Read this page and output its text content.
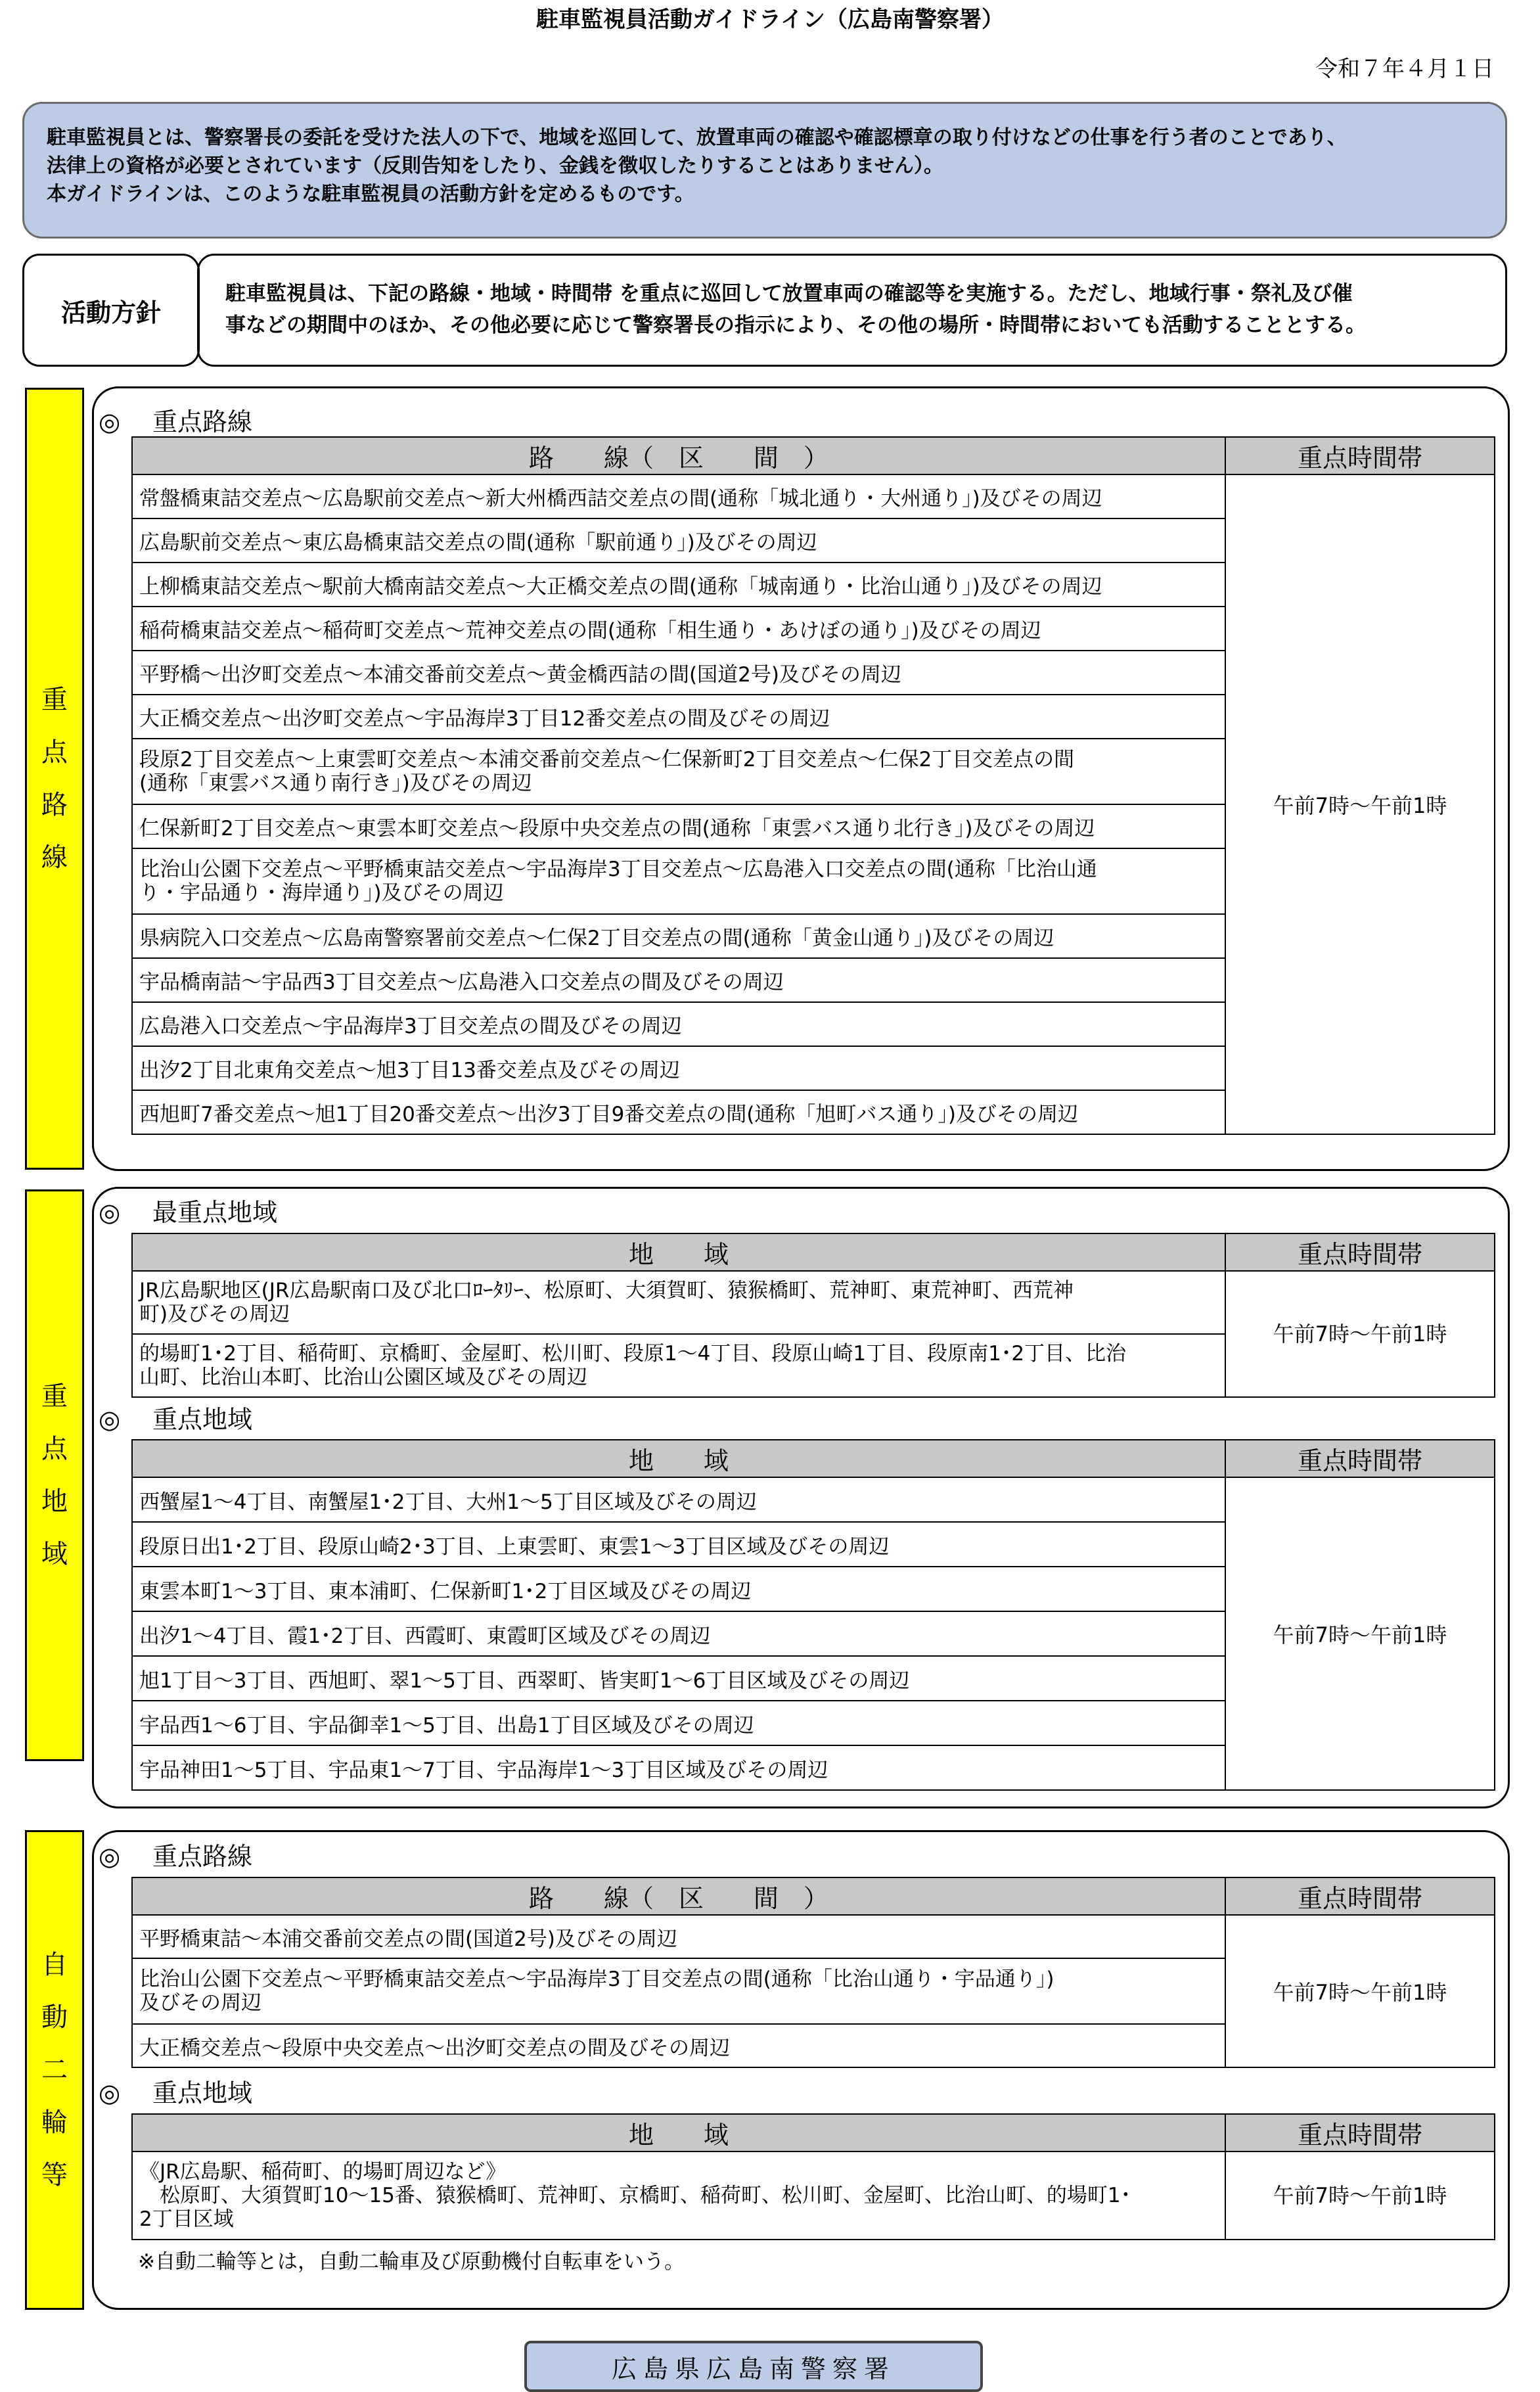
駐車監視員活動ガイドライン（広島南警察署）
令和７年４月１日
駐車監視員とは、警察署長の委託を受けた法人の下で、地域を巡回して、放置車両の確認や確認標章の取り付けなどの仕事を行う者のことであり、
法律上の資格が必要とされています（反則告知をしたり、金銭を徴収したりすることはありません）。
本ガイドラインは、このような駐車監視員の活動方針を定めるものです。
活動方針
駐車監視員は、下記の路線・地域・時間帯 を重点に巡回して放置車両の確認等を実施する。ただし、地域行事・祭礼及び催
事などの期間中のほか、その他必要に応じて警察署長の指示により、その他の場所・時間帯においても活動することとする。
重
点
路
線
◎ 重点路線
路　　線（　区　　間　）	重点時間帯
常盤橋東詰交差点～広島駅前交差点～新大州橋西詰交差点の間(通称「城北通り・大州通り」)及びその周辺	午前7時～午前1時
広島駅前交差点～東広島橋東詰交差点の間(通称「駅前通り」)及びその周辺	
上柳橋東詰交差点～駅前大橋南詰交差点～大正橋交差点の間(通称「城南通り・比治山通り」)及びその周辺	
稲荷橋東詰交差点～稲荷町交差点～荒神交差点の間(通称「相生通り・あけぼの通り」)及びその周辺	
平野橋～出汐町交差点～本浦交番前交差点～黄金橋西詰の間(国道2号)及びその周辺	
大正橋交差点～出汐町交差点～宇品海岸3丁目12番交差点の間及びその周辺	

段原2丁目交差点～上東雲町交差点～本浦交番前交差点～仁保新町2丁目交差点～仁保2丁目交差点の間
(通称「東雲バス通り南行き」)及びその周辺	

仁保新町2丁目交差点～東雲本町交差点～段原中央交差点の間(通称「東雲バス通り北行き」)及びその周辺	

比治山公園下交差点～平野橋東詰交差点～宇品海岸3丁目交差点～広島港入口交差点の間(通称「比治山通
り・宇品通り・海岸通り」)及びその周辺	

県病院入口交差点～広島南警察署前交差点～仁保2丁目交差点の間(通称「黄金山通り」)及びその周辺	
宇品橋南詰～宇品西3丁目交差点～広島港入口交差点の間及びその周辺	
広島港入口交差点～宇品海岸3丁目交差点の間及びその周辺	
出汐2丁目北東角交差点～旭3丁目13番交差点及びその周辺	
西旭町7番交差点～旭1丁目20番交差点～出汐3丁目9番交差点の間(通称「旭町バス通り」)及びその周辺	
重
点
地
域
◎ 最重点地域
地　　域	重点時間帯

JR広島駅地区(JR広島駅南口及び北口ﾛｰﾀﾘｰ、松原町、大須賀町、猿猴橋町、荒神町、東荒神町、西荒神
町)及びその周辺	午前7時～午前1時

的場町1･2丁目、稲荷町、京橋町、金屋町、松川町、段原1～4丁目、段原山崎1丁目、段原南1･2丁目、比治
山町、比治山本町、比治山公園区域及びその周辺	
◎ 重点地域
地　　域	重点時間帯
西蟹屋1～4丁目、南蟹屋1･2丁目、大州1～5丁目区域及びその周辺	午前7時～午前1時
段原日出1･2丁目、段原山崎2･3丁目、上東雲町、東雲1～3丁目区域及びその周辺	
東雲本町1～3丁目、東本浦町、仁保新町1･2丁目区域及びその周辺	
出汐1～4丁目、霞1･2丁目、西霞町、東霞町区域及びその周辺	
旭1丁目～3丁目、西旭町、翠1～5丁目、西翠町、皆実町1～6丁目区域及びその周辺	
宇品西1～6丁目、宇品御幸1～5丁目、出島1丁目区域及びその周辺	
宇品神田1～5丁目、宇品東1～7丁目、宇品海岸1～3丁目区域及びその周辺	
自
動
二
輪
等
◎ 重点路線
路　　線（　区　　間　）	重点時間帯
平野橋東詰～本浦交番前交差点の間(国道2号)及びその周辺	午前7時～午前1時

比治山公園下交差点～平野橋東詰交差点～宇品海岸3丁目交差点の間(通称「比治山通り・宇品通り」)
及びその周辺	

大正橋交差点～段原中央交差点～出汐町交差点の間及びその周辺	
◎ 重点地域
地　　域	重点時間帯

《JR広島駅、稲荷町、的場町周辺など》
　松原町、大須賀町10～15番、猿猴橋町、荒神町、京橋町、稲荷町、松川町、金屋町、比治山町、的場町1･
2丁目区域	午前7時～午前1時
※自動二輪等とは，自動二輪車及び原動機付自転車をいう。
広島県広島南警察署
